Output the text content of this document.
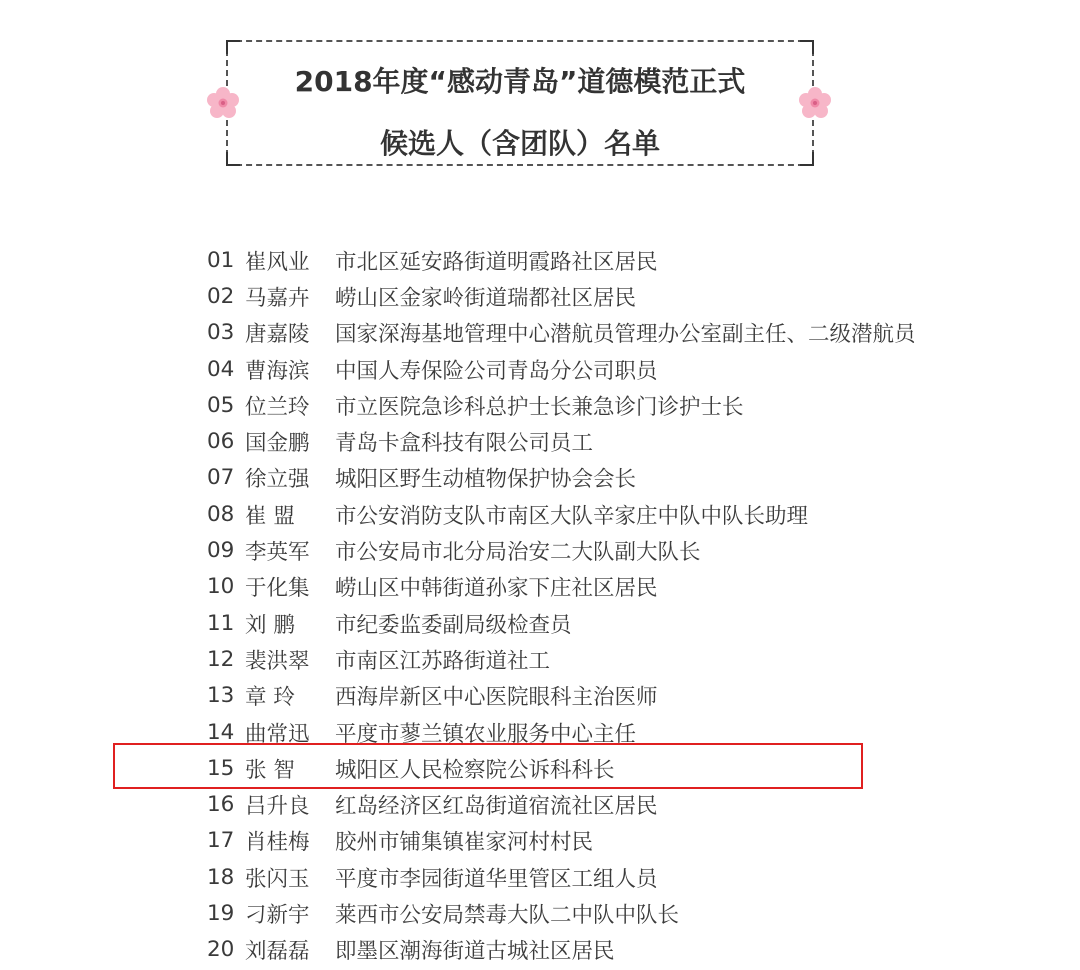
2018年度“感动青岛”道德模范正式
候选人（含团队）名单
01 崔风业	市北区延安路街道明霞路社区居民
02 马嘉卉	崂山区金家岭街道瑞都社区居民
03 唐嘉陵	国家深海基地管理中心潜航员管理办公室副主任、二级潜航员
04 曹海滨	中国人寿保险公司青岛分公司职员
05 位兰玲	市立医院急诊科总护士长兼急诊门诊护士长
06 国金鹏	青岛卡盒科技有限公司员工
07 徐立强	城阳区野生动植物保护协会会长
08 崔 盟	市公安消防支队市南区大队辛家庄中队中队长助理
09 李英军	市公安局市北分局治安二大队副大队长
10 于化集	崂山区中韩街道孙家下庄社区居民
11 刘 鹏	市纪委监委副局级检查员
12 裴洪翠	市南区江苏路街道社工
13 章 玲	西海岸新区中心医院眼科主治医师
14 曲常迅	平度市蓼兰镇农业服务中心主任
15 张 智	城阳区人民检察院公诉科科长
16 吕升良	红岛经济区红岛街道宿流社区居民
17 肖桂梅	胶州市铺集镇崔家河村村民
18 张闪玉	平度市李园街道华里管区工组人员
19 刁新宇	莱西市公安局禁毒大队二中队中队长
20 刘磊磊	即墨区潮海街道古城社区居民
